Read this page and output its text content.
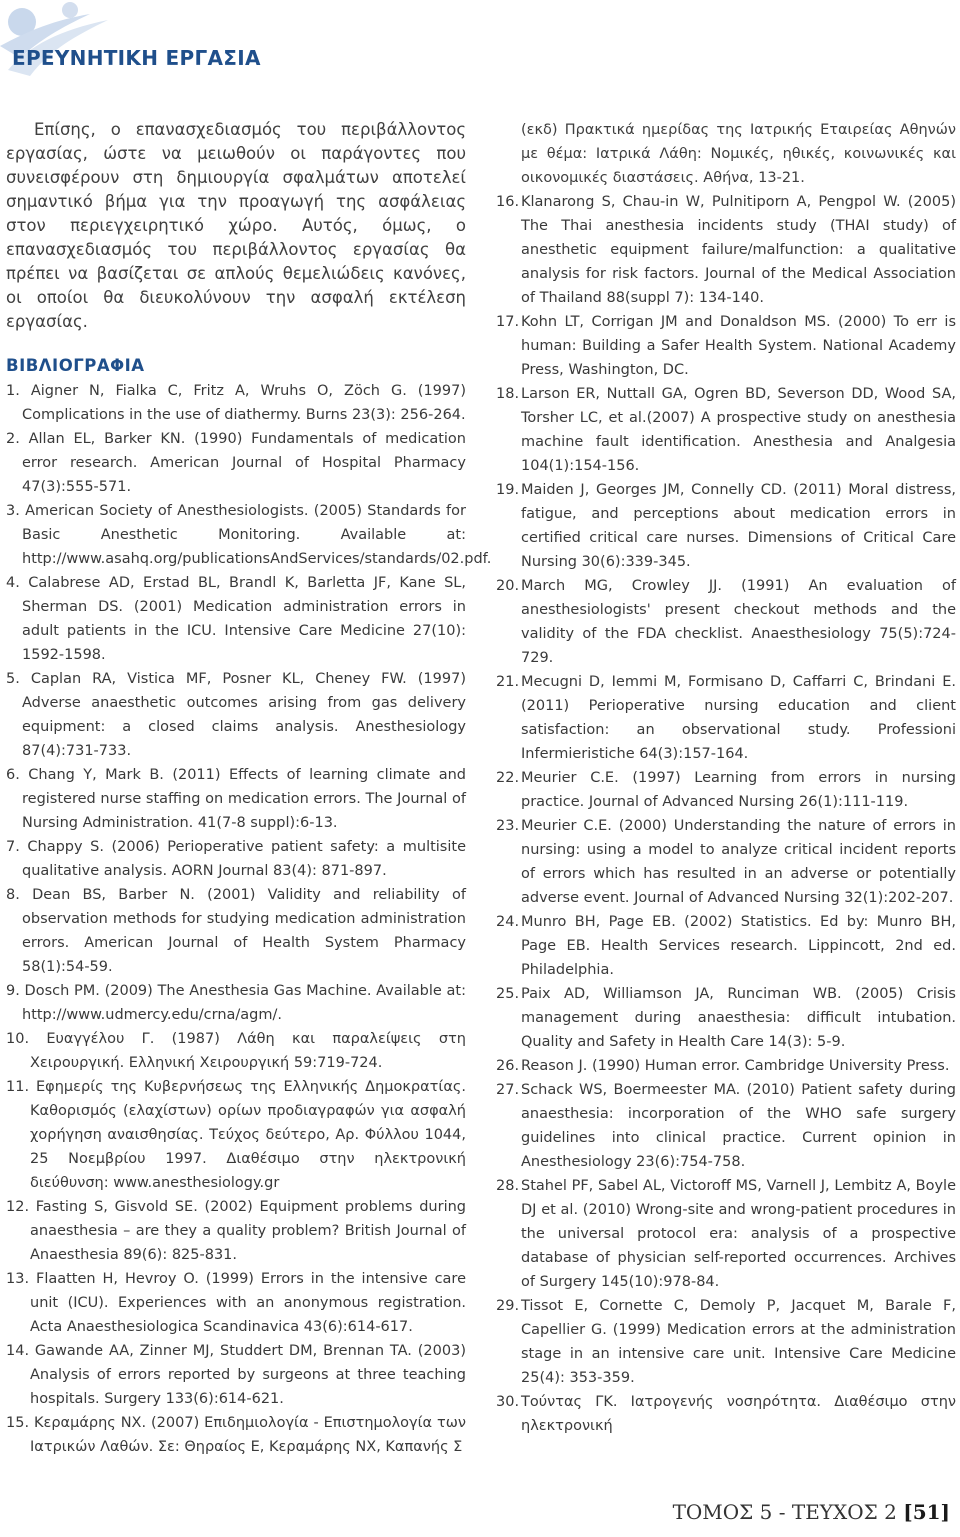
ΕΡΕΥΝΗΤΙΚΗ ΕΡΓΑΣΙΑ

Επίσης, ο επανασχεδιασμός του περιβάλλοντος εργασίας, ώστε να μειωθούν οι παράγοντες που συνεισφέρουν στη δημιουργία σφαλμάτων αποτελεί σημαντικό βήμα για την προαγωγή της ασφάλειας στον περιεγχειρητικό χώρο. Αυτός, όμως, ο επανασχεδιασμός του περιβάλλοντος εργασίας θα πρέπει να βασίζεται σε απλούς θεμελιώδεις κανόνες, οι οποίοι θα διευκολύνουν την ασφαλή εκτέλεση εργασίας.

ΒΙΒΛΙΟΓΡΑΦΙΑ
1. Aigner N, Fialka C, Fritz A, Wruhs O, Zöch G. (1997) Complications in the use of diathermy. Burns 23(3): 256-264.
2. Allan EL, Barker KN. (1990) Fundamentals of medication error research. American Journal of Hospital Pharmacy 47(3):555-571.
3. American Society of Anesthesiologists. (2005) Standards for Basic Anesthetic Monitoring. Available at: http://www.asahq.org/publicationsAndServices/standards/02.pdf.
4. Calabrese AD, Erstad BL, Brandl K, Barletta JF, Kane SL, Sherman DS. (2001) Medication administration errors in adult patients in the ICU. Intensive Care Medicine 27(10): 1592-1598.
5. Caplan RA, Vistica MF, Posner KL, Cheney FW. (1997) Adverse anaesthetic outcomes arising from gas delivery equipment: a closed claims analysis. Anesthesiology 87(4):731-733.
6. Chang Y, Mark B. (2011) Effects of learning climate and registered nurse staffing on medication errors. The Journal of Nursing Administration. 41(7-8 suppl):6-13.
7. Chappy S. (2006) Perioperative patient safety: a multisite qualitative analysis. AORN Journal 83(4): 871-897.
8. Dean BS, Barber N. (2001) Validity and reliability of observation methods for studying medication administration errors. American Journal of Health System Pharmacy 58(1):54-59.
9. Dosch PM. (2009) The Anesthesia Gas Machine. Available at: http://www.udmercy.edu/crna/agm/.
10. Ευαγγέλου Γ. (1987) Λάθη και παραλείψεις στη Χειρουργική. Ελληνική Χειρουργική 59:719-724.
11. Εφημερίς της Κυβερνήσεως της Ελληνικής Δημοκρατίας. Καθορισμός (ελαχίστων) ορίων προδιαγραφών για ασφαλή χορήγηση αναισθησίας. Τεύχος δεύτερο, Αρ. Φύλλου 1044, 25 Νοεμβρίου 1997. Διαθέσιμο στην ηλεκτρονική διεύθυνση: www.anesthesiology.gr
12. Fasting S, Gisvold SE. (2002) Equipment problems during anaesthesia – are they a quality problem? British Journal of Anaesthesia 89(6): 825-831.
13. Flaatten H, Hevroy O. (1999) Errors in the intensive care unit (ICU). Experiences with an anonymous registration. Acta Anaesthesiologica Scandinavica 43(6):614-617.
14. Gawande AA, Zinner MJ, Studdert DM, Brennan TA. (2003) Analysis of errors reported by surgeons at three teaching hospitals. Surgery 133(6):614-621.
15. Κεραμάρης ΝΧ. (2007) Επιδημιολογία - Επιστημολογία των Ιατρικών Λαθών. Σε: Θηραίος Ε, Κεραμάρης ΝΧ, Καπανής Σ

(εκδ) Πρακτικά ημερίδας της Ιατρικής Εταιρείας Αθηνών με θέμα: Ιατρικά Λάθη: Νομικές, ηθικές, κοινωνικές και οικονομικές διαστάσεις. Αθήνα, 13-21.

16. Klanarong S, Chau-in W, Pulnitiporn A, Pengpol W. (2005) The Thai anesthesia incidents study (THAI study) of anesthetic equipment failure/malfunction: a qualitative analysis for risk factors. Journal of the Medical Association of Thailand 88(suppl 7): 134-140.
17. Kohn LT, Corrigan JM and Donaldson MS. (2000) To err is human: Building a Safer Health System. National Academy Press, Washington, DC.
18. Larson ER, Nuttall GA, Ogren BD, Severson DD, Wood SA, Torsher LC, et al.(2007) A prospective study on anesthesia machine fault identification. Anesthesia and Analgesia 104(1):154-156.
19. Maiden J, Georges JM, Connelly CD. (2011) Moral distress, fatigue, and perceptions about medication errors in certified critical care nurses. Dimensions of Critical Care Nursing 30(6):339-345.
20. March MG, Crowley JJ. (1991) An evaluation of anesthesiologists' present checkout methods and the validity of the FDA checklist. Anaesthesiology 75(5):724-729.
21. Mecugni D, Iemmi M, Formisano D, Caffarri C, Brindani E. (2011) Perioperative nursing education and client satisfaction: an observational study. Professioni Infermieristiche 64(3):157-164.
22. Meurier C.E. (1997) Learning from errors in nursing practice. Journal of Advanced Nursing 26(1):111-119.
23. Meurier C.E. (2000) Understanding the nature of errors in nursing: using a model to analyze critical incident reports of errors which has resulted in an adverse or potentially adverse event. Journal of Advanced Nursing 32(1):202-207.
24. Munro BH, Page EB. (2002) Statistics. Ed by: Munro BH, Page EB. Health Services research. Lippincott, 2nd ed. Philadelphia.
25. Paix AD, Williamson JA, Runciman WB. (2005) Crisis management during anaesthesia: difficult intubation. Quality and Safety in Health Care 14(3): 5-9.
26. Reason J. (1990) Human error. Cambridge University Press.
27. Schack WS, Boermeester MA. (2010) Patient safety during anaesthesia: incorporation of the WHO safe surgery guidelines into clinical practice. Current opinion in Anesthesiology 23(6):754-758.
28. Stahel PF, Sabel AL, Victoroff MS, Varnell J, Lembitz A, Boyle DJ et al. (2010) Wrong-site and wrong-patient procedures in the universal protocol era: analysis of a prospective database of physician self-reported occurrences. Archives of Surgery 145(10):978-84.
29. Tissot E, Cornette C, Demoly P, Jacquet M, Barale F, Capellier G. (1999) Medication errors at the administration stage in an intensive care unit. Intensive Care Medicine 25(4): 353-359.
30. Τούντας ΓΚ. Ιατρογενής νοσηρότητα. Διαθέσιμο στην ηλεκτρονική
ΤΟΜΟΣ 5 - ΤΕΥΧΟΣ 2 [51]
